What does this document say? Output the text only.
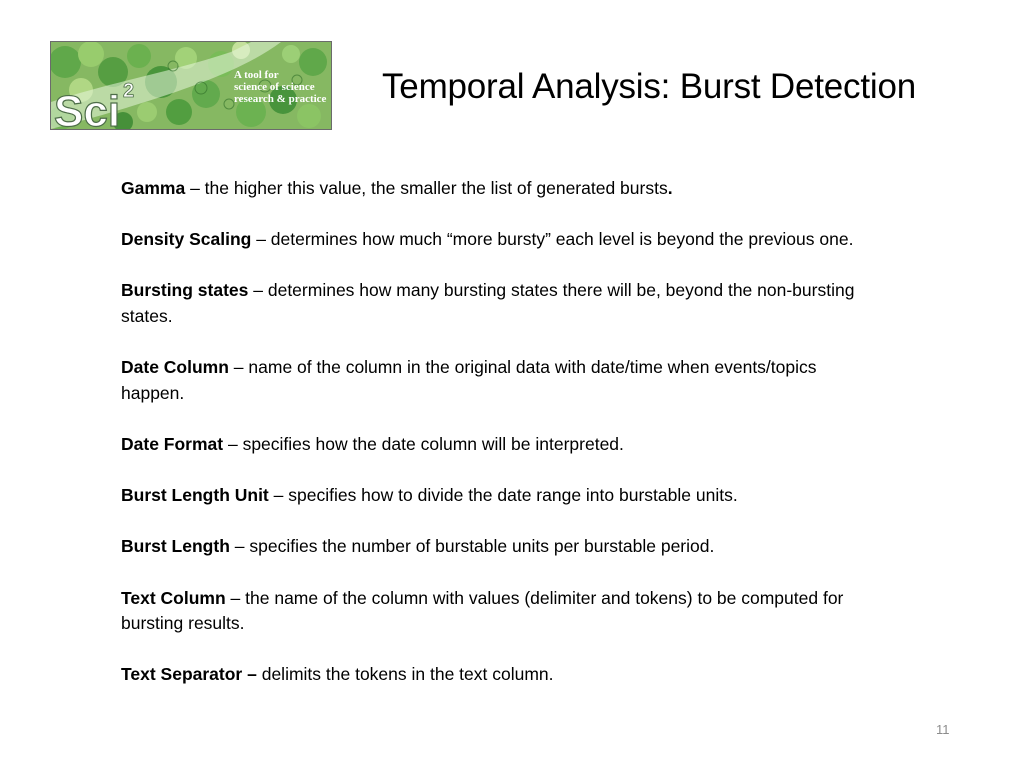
Sci 2
A tool for
science of science
research & practice Temporal Analysis: Burst Detection

Gamma – the higher this value, the smaller the list of generated bursts.

Density Scaling – determines how much “more bursty” each level is beyond the previous one.

Bursting states – determines how many bursting states there will be, beyond the non-bursting states.

Date Column – name of the column in the original data with date/time when events/topics happen.

Date Format – specifies how the date column will be interpreted.

Burst Length Unit – specifies how to divide the date range into burstable units.

Burst Length – specifies the number of burstable units per burstable period.

Text Column – the name of the column with values (delimiter and tokens) to be computed for bursting results.

Text Separator – delimits the tokens in the text column.

11
